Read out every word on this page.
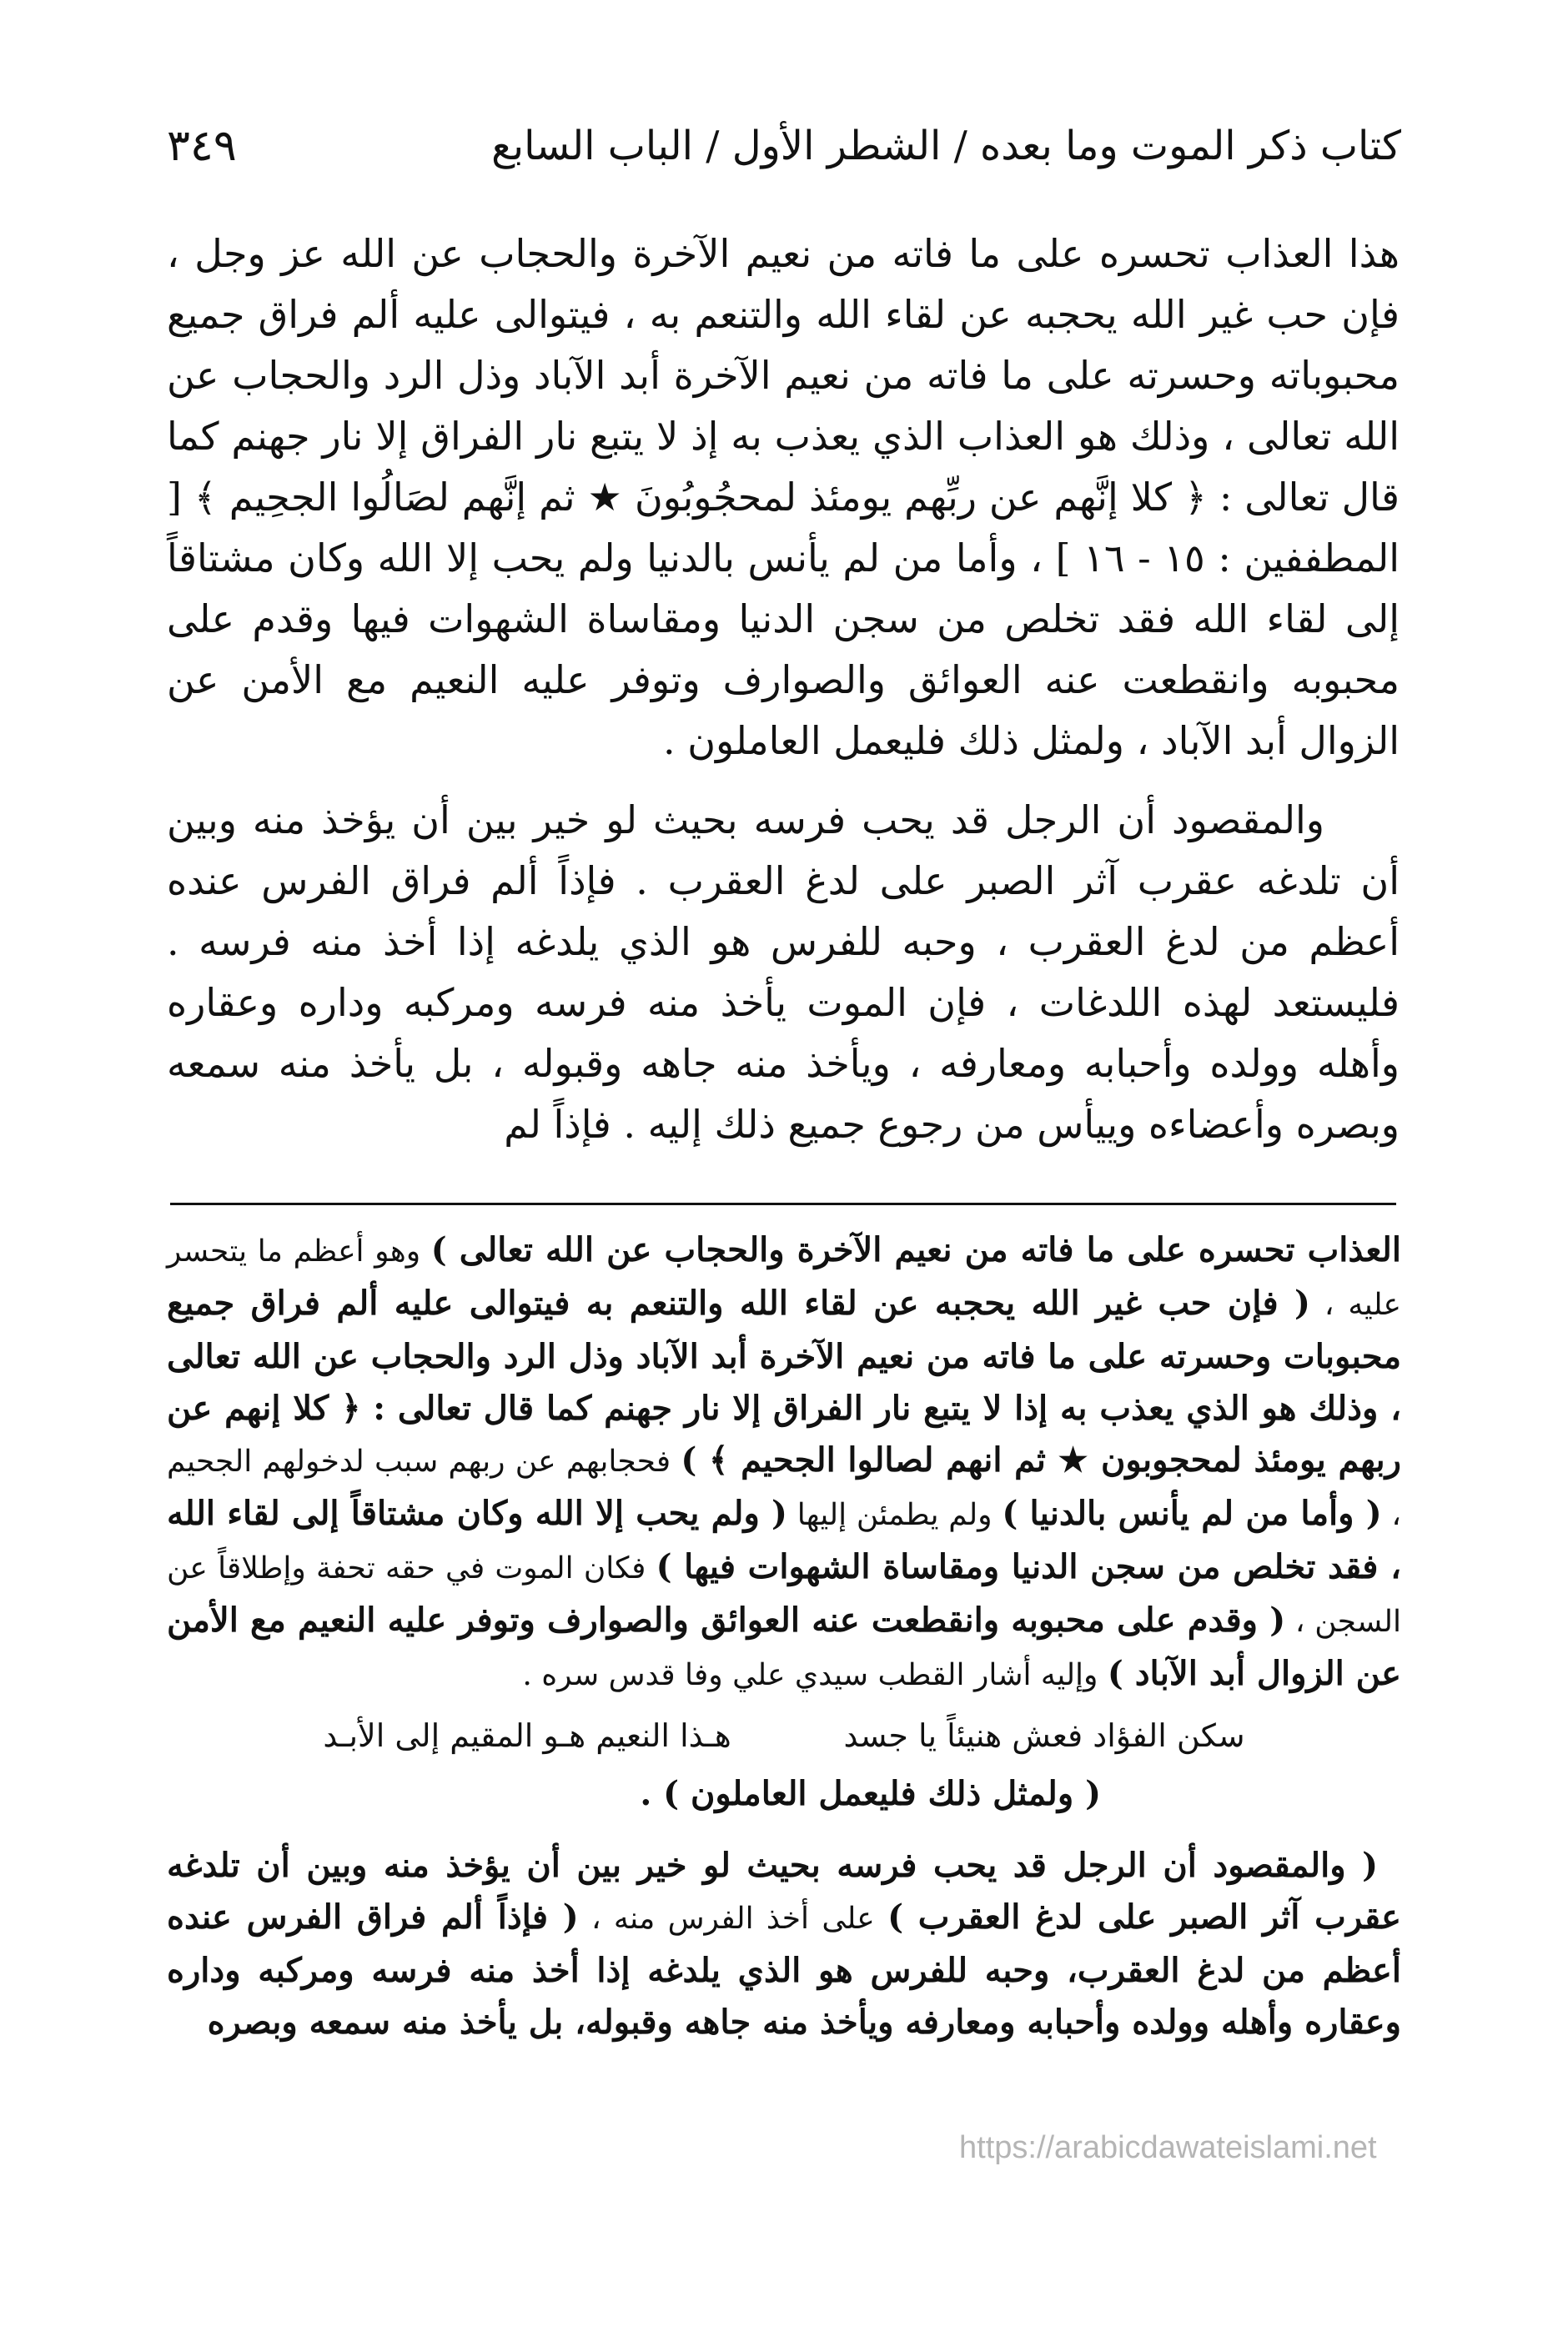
كتاب ذكر الموت وما بعده / الشطر الأول / الباب السابع
٣٤٩

هذا العذاب تحسره على ما فاته من نعيم الآخرة والحجاب عن الله عز وجل ، فإن حب غير الله يحجبه عن لقاء الله والتنعم به ، فيتوالى عليه ألم فراق جميع محبوباته وحسرته على ما فاته من نعيم الآخرة أبد الآباد وذل الرد والحجاب عن الله تعالى ، وذلك هو العذاب الذي يعذب به إذ لا يتبع نار الفراق إلا نار جهنم كما قال تعالى : ﴿ كلا إنَّهم عن ربِّهم يومئذ لمحجُوبُونَ ★ ثم إنَّهم لصَالُوا الجحِيم ﴾ [ المطففين : ١٥ - ١٦ ] ، وأما من لم يأنس بالدنيا ولم يحب إلا الله وكان مشتاقاً إلى لقاء الله فقد تخلص من سجن الدنيا ومقاساة الشهوات فيها وقدم على محبوبه وانقطعت عنه العوائق والصوارف وتوفر عليه النعيم مع الأمن عن الزوال أبد الآباد ، ولمثل ذلك فليعمل العاملون .

والمقصود أن الرجل قد يحب فرسه بحيث لو خير بين أن يؤخذ منه وبين أن تلدغه عقرب آثر الصبر على لدغ العقرب . فإذاً ألم فراق الفرس عنده أعظم من لدغ العقرب ، وحبه للفرس هو الذي يلدغه إذا أخذ منه فرسه . فليستعد لهذه اللدغات ، فإن الموت يأخذ منه فرسه ومركبه وداره وعقاره وأهله وولده وأحبابه ومعارفه ، ويأخذ منه جاهه وقبوله ، بل يأخذ منه سمعه وبصره وأعضاءه وييأس من رجوع جميع ذلك إليه . فإذاً لم

العذاب تحسره على ما فاته من نعيم الآخرة والحجاب عن الله تعالى ) وهو أعظم ما يتحسر عليه ، ( فإن حب غير الله يحجبه عن لقاء الله والتنعم به فيتوالى عليه ألم فراق جميع محبوبات وحسرته على ما فاته من نعيم الآخرة أبد الآباد وذل الرد والحجاب عن الله تعالى ، وذلك هو الذي يعذب به إذا لا يتبع نار الفراق إلا نار جهنم كما قال تعالى : ﴿ كلا إنهم عن ربهم يومئذ لمحجوبون ★ ثم انهم لصالوا الجحيم ﴾ ) فحجابهم عن ربهم سبب لدخولهم الجحيم ، ( وأما من لم يأنس بالدنيا ) ولم يطمئن إليها ( ولم يحب إلا الله وكان مشتاقاً إلى لقاء الله ، فقد تخلص من سجن الدنيا ومقاساة الشهوات فيها ) فكان الموت في حقه تحفة وإطلاقاً عن السجن ، ( وقدم على محبوبه وانقطعت عنه العوائق والصوارف وتوفر عليه النعيم مع الأمن عن الزوال أبد الآباد ) وإليه أشار القطب سيدي علي وفا قدس سره .

سكن الفؤاد فعش هنيئاً يا جسد
هـذا النعيم هـو المقيم إلى الأبـد

( ولمثل ذلك فليعمل العاملون ) .

( والمقصود أن الرجل قد يحب فرسه بحيث لو خير بين أن يؤخذ منه وبين أن تلدغه عقرب آثر الصبر على لدغ العقرب ) على أخذ الفرس منه ، ( فإذاً ألم فراق الفرس عنده أعظم من لدغ العقرب، وحبه للفرس هو الذي يلدغه إذا أخذ منه فرسه ومركبه وداره وعقاره وأهله وولده وأحبابه ومعارفه ويأخذ منه جاهه وقبوله، بل يأخذ منه سمعه وبصره

https://arabicdawateislami.net
